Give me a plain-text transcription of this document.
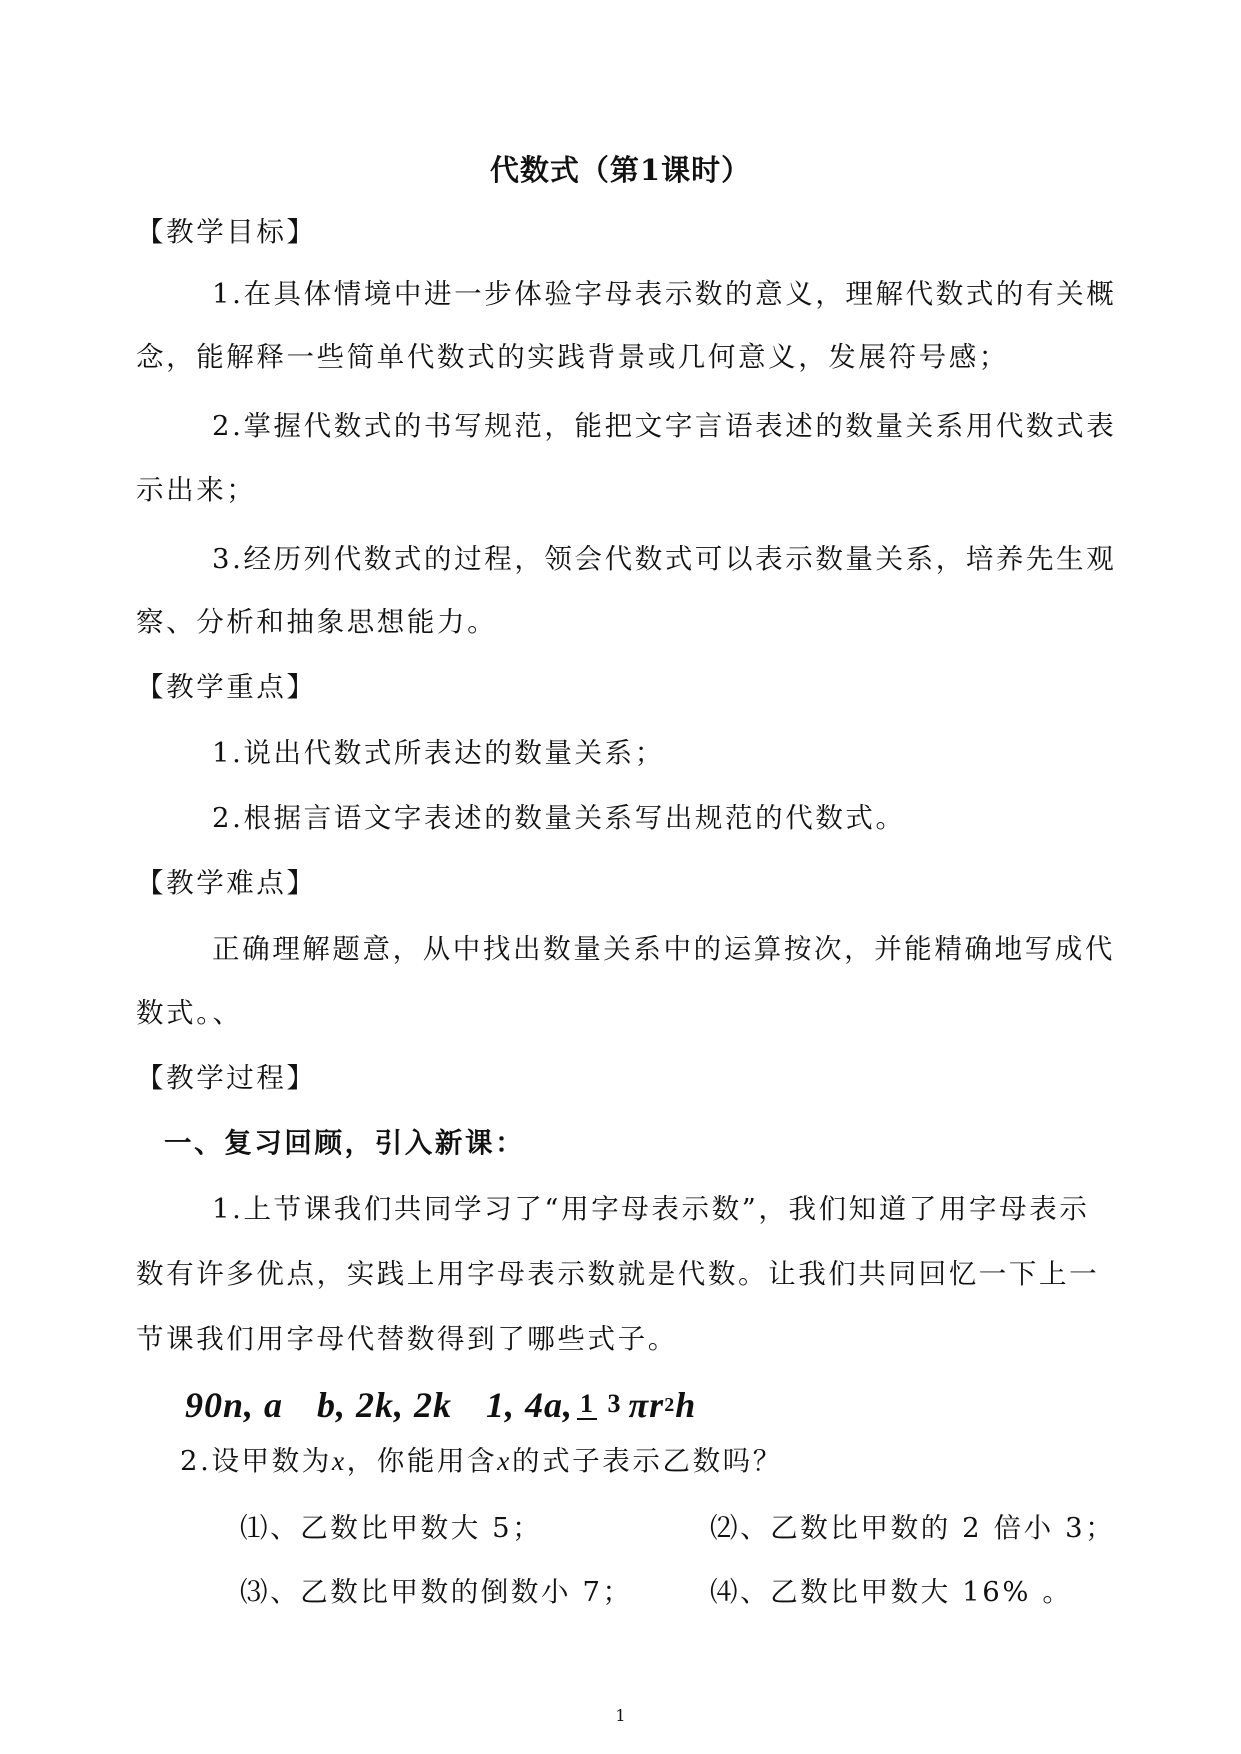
代数式（第1课时）
【教学目标】
1.在具体情境中进一步体验字母表示数的意义，理解代数式的有关概
念，能解释一些简单代数式的实践背景或几何意义，发展符号感；
2.掌握代数式的书写规范，能把文字言语表述的数量关系用代数式表
示出来；
3.经历列代数式的过程，领会代数式可以表示数量关系，培养先生观
察、分析和抽象思想能力。
【教学重点】
1.说出代数式所表达的数量关系；
2.根据言语文字表述的数量关系写出规范的代数式。
【教学难点】
正确理解题意，从中找出数量关系中的运算按次，并能精确地写成代
数式。、
【教学过程】
一、复习回顾，引入新课：
1.上节课我们共同学习了“用字母表示数”，我们知道了用字母表示
数有许多优点，实践上用字母表示数就是代数。让我们共同回忆一下上一
节课我们用字母代替数得到了哪些式子。
90n, a b, 2k, 2k 1, 4a, 1 3 πr 2 h
2.设甲数为x，你能用含x的式子表示乙数吗？
⑴、乙数比甲数大 5；	⑵、乙数比甲数的 2 倍小 3；
⑶、乙数比甲数的倒数小 7；	⑷、乙数比甲数大 16% 。
1
